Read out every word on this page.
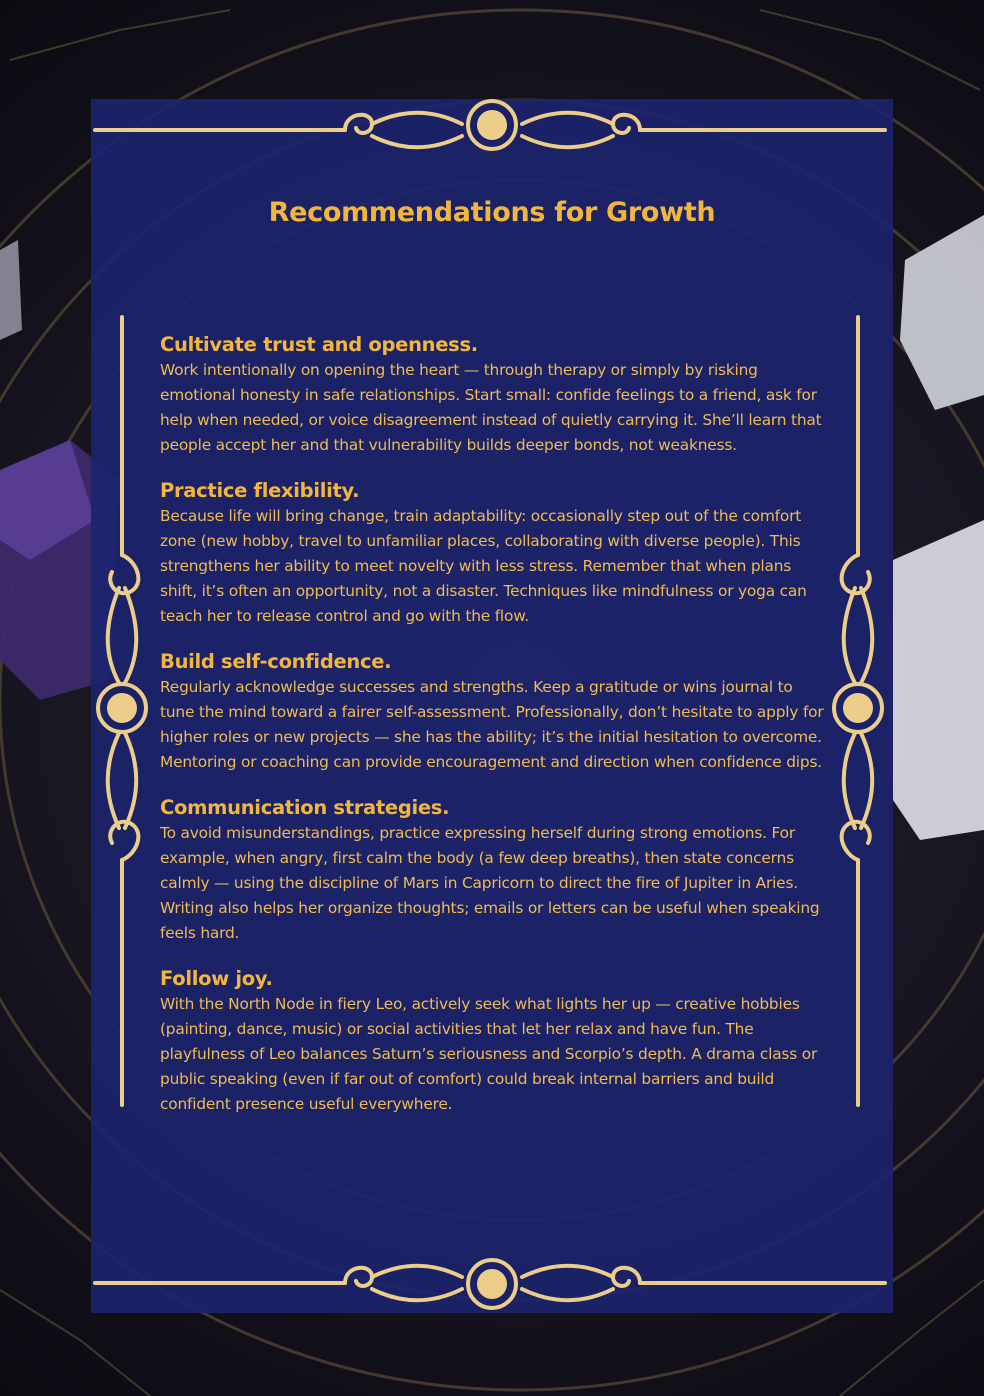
Recommendations for Growth
Cultivate trust and openness.

Work intentionally on opening the heart — through therapy or simply by risking emotional honesty in safe relationships. Start small: confide feelings to a friend, ask for help when needed, or voice disagreement instead of quietly carrying it. She’ll learn that people accept her and that vulnerability builds deeper bonds, not weakness.

Practice flexibility.

Because life will bring change, train adaptability: occasionally step out of the comfort zone (new hobby, travel to unfamiliar places, collaborating with diverse people). This strengthens her ability to meet novelty with less stress. Remember that when plans shift, it’s often an opportunity, not a disaster. Techniques like mindfulness or yoga can teach her to release control and go with the flow.

Build self-confidence.

Regularly acknowledge successes and strengths. Keep a gratitude or wins journal to tune the mind toward a fairer self-assessment. Professionally, don’t hesitate to apply for higher roles or new projects — she has the ability; it’s the initial hesitation to overcome. Mentoring or coaching can provide encouragement and direction when confidence dips.

Communication strategies.

To avoid misunderstandings, practice expressing herself during strong emotions. For example, when angry, first calm the body (a few deep breaths), then state concerns calmly — using the discipline of Mars in Capricorn to direct the fire of Jupiter in Aries. Writing also helps her organize thoughts; emails or letters can be useful when speaking feels hard.

Follow joy.

With the North Node in fiery Leo, actively seek what lights her up — creative hobbies (painting, dance, music) or social activities that let her relax and have fun. The playfulness of Leo balances Saturn’s seriousness and Scorpio’s depth. A drama class or public speaking (even if far out of comfort) could break internal barriers and build confident presence useful everywhere.
